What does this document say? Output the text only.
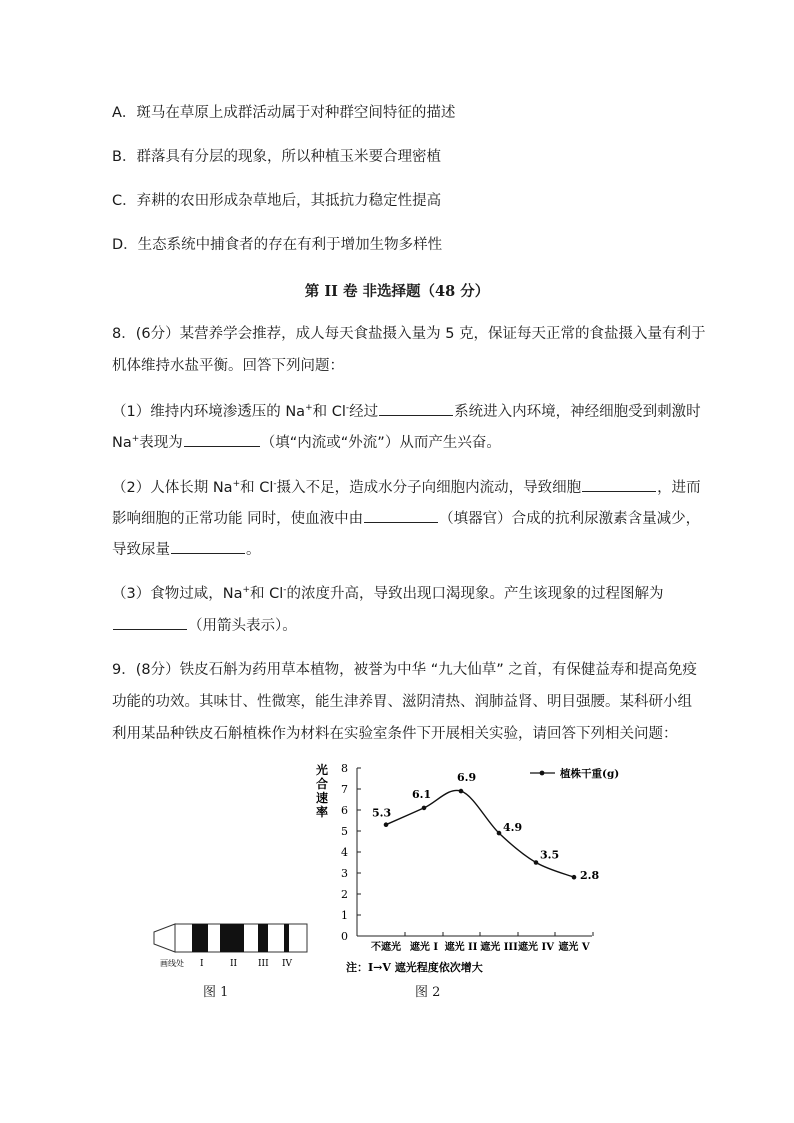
A．斑马在草原上成群活动属于对种群空间特征的描述
B．群落具有分层的现象，所以种植玉米要合理密植
C．弃耕的农田形成杂草地后，其抵抗力稳定性提高
D．生态系统中捕食者的存在有利于增加生物多样性
第 II 卷 非选择题（48 分）
8．(6分）某营养学会推荐，成人每天食盐摄入量为 5 克，保证每天正常的食盐摄入量有利于
机体维持水盐平衡。回答下列问题：
（1）维持内环境渗透压的 Na+和 Cl-经过	系统进入内环境，神经细胞受到刺激时
Na+表现为	（填“内流或“外流”）从而产生兴奋。
（2）人体长期 Na+和 Cl-摄入不足，造成水分子向细胞内流动，导致细胞	，进而
影响细胞的正常功能 同时，使血液中由	（填器官）合成的抗利尿激素含量减少，
导致尿量	。
（3）食物过咸，Na+和 Cl-的浓度升高，导致出现口渴现象。产生该现象的过程图解为
（用箭头表示）。
9．(8分）铁皮石斛为药用草本植物，被誉为中华 “九大仙草” 之首，有保健益寿和提高免疫
功能的功效。其味甘、性微寒，能生津养胃、滋阴清热、润肺益肾、明目强腰。某科研小组
利用某品种铁皮石斛植株作为材料在实验室条件下开展相关实验，请回答下列相关问题：
画线处 I	II III IV
图 1
光
合
速
率
0
1
2
3
4
5
6
7
8
不遮光 遮光 I 遮光 II 遮光 III 遮光 IV 遮光 V
5.3
6.1
6.9
4.9
3.5
2.8
植株干重(g)
注：I→V 遮光程度依次增大
图 2
